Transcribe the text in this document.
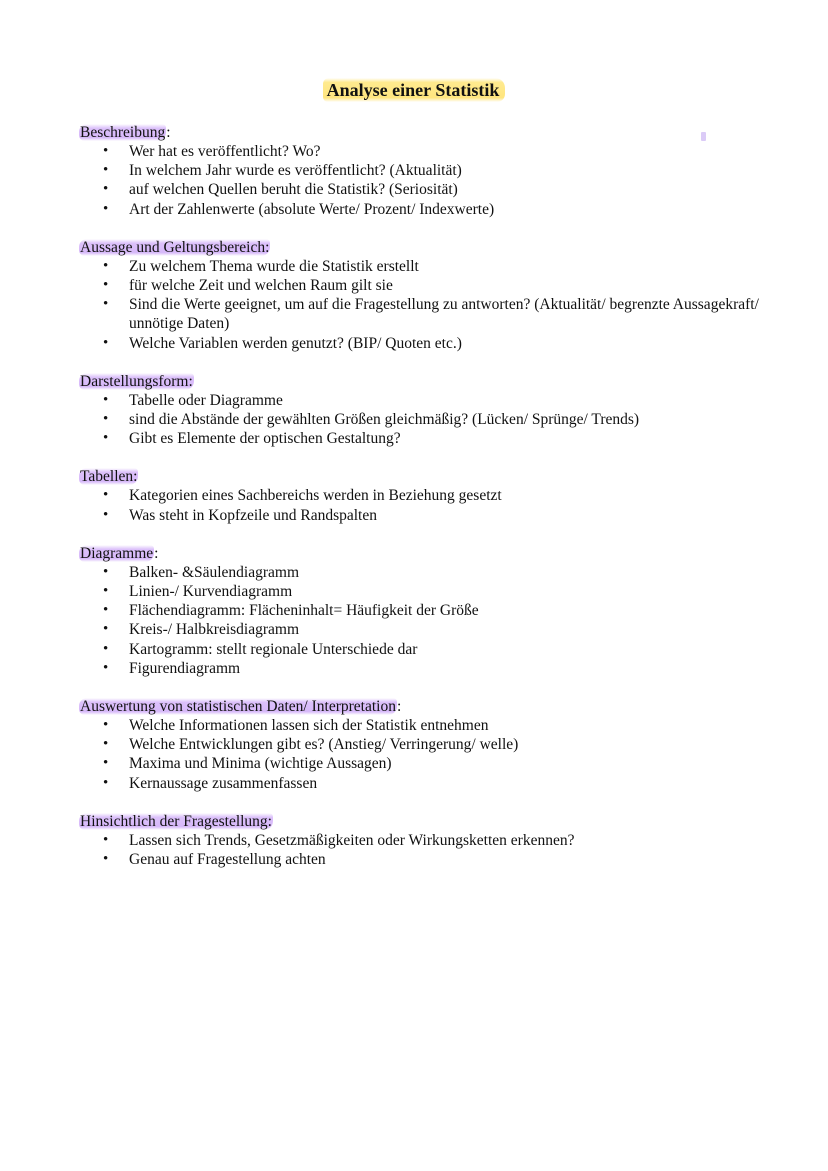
Analyse einer Statistik
Beschreibung:
• Wer hat es veröffentlicht? Wo?
• In welchem Jahr wurde es veröffentlicht? (Aktualität)
• auf welchen Quellen beruht die Statistik? (Seriosität)
• Art der Zahlenwerte (absolute Werte/ Prozent/ Indexwerte)
Aussage und Geltungsbereich:
• Zu welchem Thema wurde die Statistik erstellt
• für welche Zeit und welchen Raum gilt sie
• Sind die Werte geeignet, um auf die Fragestellung zu antworten? (Aktualität/ begrenzte Aussagekraft/ unnötige Daten)
• Welche Variablen werden genutzt? (BIP/ Quoten etc.)
Darstellungsform:
• Tabelle oder Diagramme
• sind die Abstände der gewählten Größen gleichmäßig? (Lücken/ Sprünge/ Trends)
• Gibt es Elemente der optischen Gestaltung?
Tabellen:
• Kategorien eines Sachbereichs werden in Beziehung gesetzt
• Was steht in Kopfzeile und Randspalten
Diagramme:
• Balken- &Säulendiagramm
• Linien-/ Kurvendiagramm
• Flächendiagramm: Flächeninhalt= Häufigkeit der Größe
• Kreis-/ Halbkreisdiagramm
• Kartogramm: stellt regionale Unterschiede dar
• Figurendiagramm
Auswertung von statistischen Daten/ Interpretation:
• Welche Informationen lassen sich der Statistik entnehmen
• Welche Entwicklungen gibt es? (Anstieg/ Verringerung/ welle)
• Maxima und Minima (wichtige Aussagen)
• Kernaussage zusammenfassen
Hinsichtlich der Fragestellung:
• Lassen sich Trends, Gesetzmäßigkeiten oder Wirkungsketten erkennen?
• Genau auf Fragestellung achten
